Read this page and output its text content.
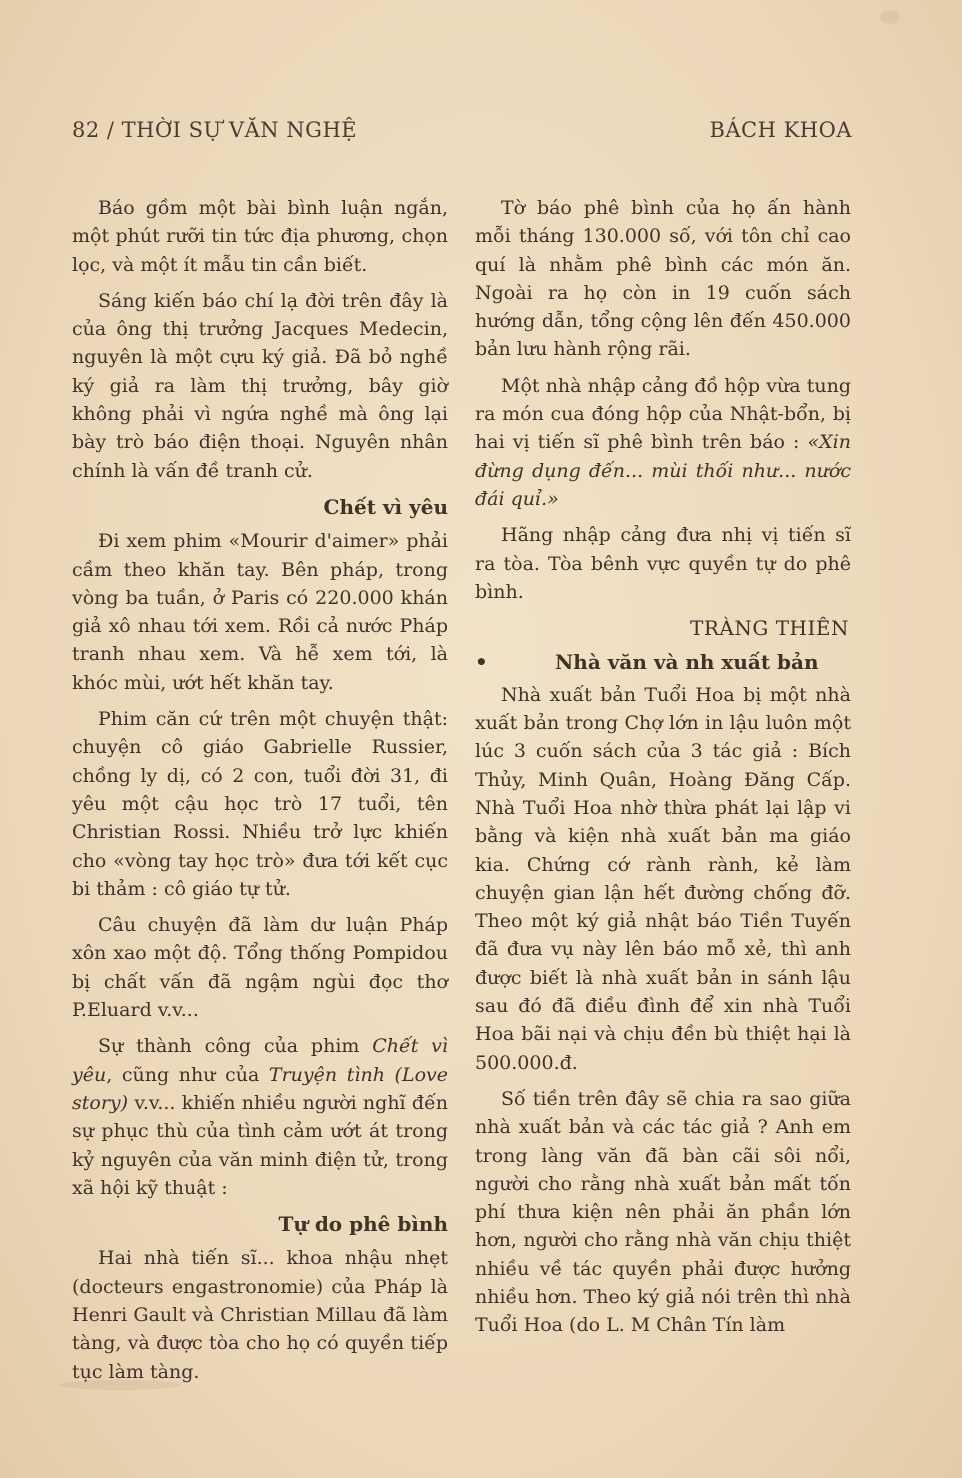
82 / THỜI SỰ VĂN NGHỆ	BÁCH KHOA

Báo gồm một bài bình luận ngắn, một phút rưỡi tin tức địa phương, chọn lọc, và một ít mẫu tin cần biết.

Sáng kiến báo chí lạ đời trên đây là của ông thị trưởng Jacques Medecin, nguyên là một cựu ký giả. Đã bỏ nghề ký giả ra làm thị trưởng, bây giờ không phải vì ngứa nghề mà ông lại bày trò báo điện thoại. Nguyên nhân chính là vấn đề tranh cử.

Chết vì yêu

Đi xem phim «Mourir d'aimer» phải cầm theo khăn tay. Bên pháp, trong vòng ba tuần, ở Paris có 220.000 khán giả xô nhau tới xem. Rồi cả nước Pháp tranh nhau xem. Và hễ xem tới, là khóc mùi, ướt hết khăn tay.

Phim căn cứ trên một chuyện thật: chuyện cô giáo Gabrielle Russier, chồng ly dị, có 2 con, tuổi đời 31, đi yêu một cậu học trò 17 tuổi, tên Christian Rossi. Nhiều trở lực khiến cho «vòng tay học trò» đưa tới kết cục bi thảm : cô giáo tự tử.

Câu chuyện đã làm dư luận Pháp xôn xao một độ. Tổng thống Pompidou bị chất vấn đã ngậm ngùi đọc thơ P.Eluard v.v...

Sự thành công của phim Chết vì yêu, cũng như của Truyện tình (Love story) v.v... khiến nhiều người nghĩ đến sự phục thù của tình cảm ướt át trong kỷ nguyên của văn minh điện tử, trong xã hội kỹ thuật :

Tự do phê bình

Hai nhà tiến sĩ... khoa nhậu nhẹt (docteurs engastronomie) của Pháp là Henri Gault và Christian Millau đã làm tàng, và được tòa cho họ có quyền tiếp tục làm tàng.

Tờ báo phê bình của họ ấn hành mỗi tháng 130.000 số, với tôn chỉ cao quí là nhằm phê bình các món ăn. Ngoài ra họ còn in 19 cuốn sách hướng dẫn, tổng cộng lên đến 450.000 bản lưu hành rộng rãi.

Một nhà nhập cảng đồ hộp vừa tung ra món cua đóng hộp của Nhật-bổn, bị hai vị tiến sĩ phê bình trên báo : «Xin đừng dụng đến... mùi thối như... nước đái quỉ.»

Hãng nhập cảng đưa nhị vị tiến sĩ ra tòa. Tòa bênh vực quyền tự do phê bình.

TRÀNG THIÊN
•	Nhà văn và nh xuất bản

Nhà xuất bản Tuổi Hoa bị một nhà xuất bản trong Chợ lớn in lậu luôn một lúc 3 cuốn sách của 3 tác giả : Bích Thủy, Minh Quân, Hoàng Đăng Cấp. Nhà Tuổi Hoa nhờ thừa phát lại lập vi bằng và kiện nhà xuất bản ma giáo kia. Chứng cớ rành rành, kẻ làm chuyện gian lận hết đường chống đỡ. Theo một ký giả nhật báo Tiền Tuyến đã đưa vụ này lên báo mỗ xẻ, thì anh được biết là nhà xuất bản in sánh lậu sau đó đã điều đình để xin nhà Tuổi Hoa bãi nại và chịu đền bù thiệt hại là 500.000.đ.

Số tiền trên đây sẽ chia ra sao giữa nhà xuất bản và các tác giả ? Anh em trong làng văn đã bàn cãi sôi nổi, người cho rằng nhà xuất bản mất tốn phí thưa kiện nên phải ăn phần lớn hơn, người cho rằng nhà văn chịu thiệt nhiều về tác quyền phải được hưởng nhiều hơn. Theo ký giả nói trên thì nhà Tuổi Hoa (do L. M Chân Tín làm
